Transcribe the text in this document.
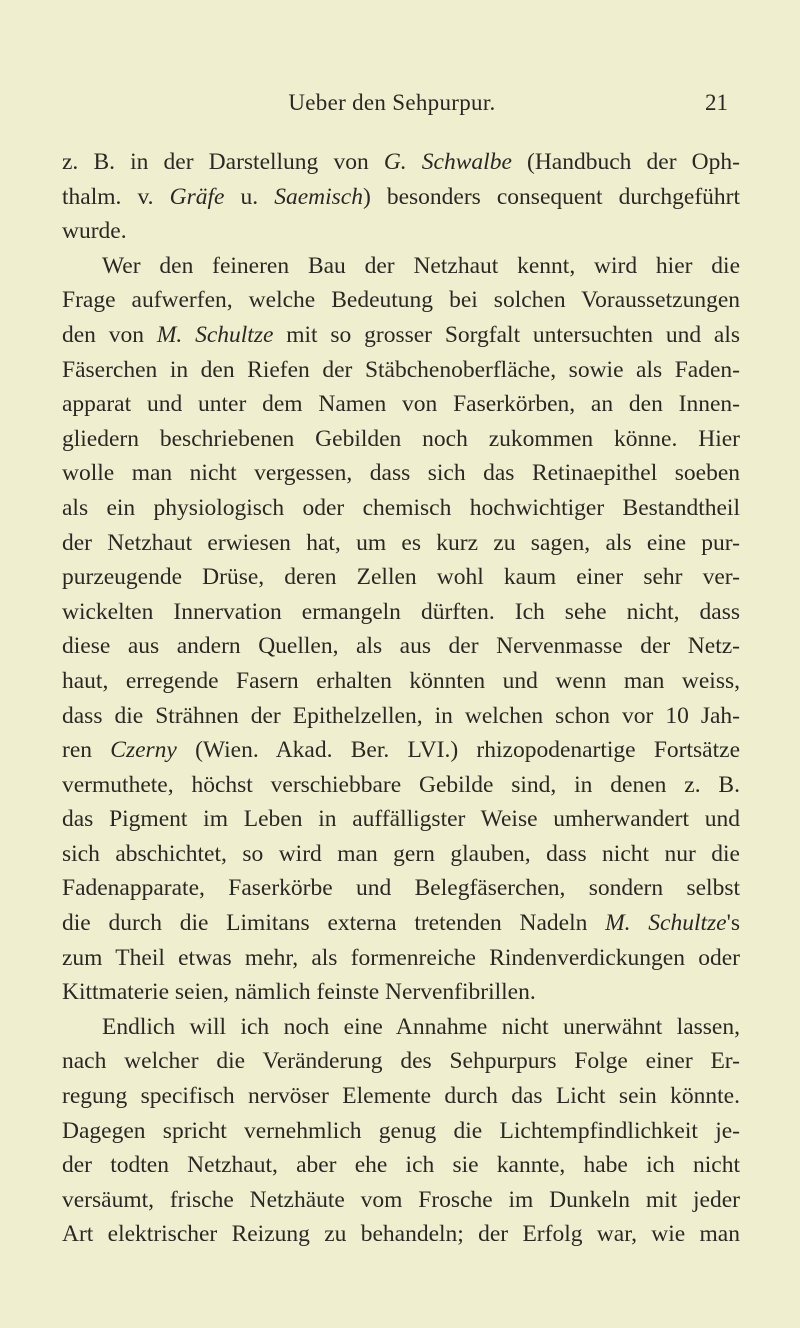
Ueber den Sehpurpur.	21
z. B. in der Darstellung von G. Schwalbe (Handbuch der Oph-
thalm. v. Gräfe u. Saemisch) besonders consequent durchgeführt
wurde.
Wer den feineren Bau der Netzhaut kennt, wird hier die
Frage aufwerfen, welche Bedeutung bei solchen Voraussetzungen
den von M. Schultze mit so grosser Sorgfalt untersuchten und als
Fäserchen in den Riefen der Stäbchenoberfläche, sowie als Faden-
apparat und unter dem Namen von Faserkörben, an den Innen-
gliedern beschriebenen Gebilden noch zukommen könne. Hier
wolle man nicht vergessen, dass sich das Retinaepithel soeben
als ein physiologisch oder chemisch hochwichtiger Bestandtheil
der Netzhaut erwiesen hat, um es kurz zu sagen, als eine pur-
purzeugende Drüse, deren Zellen wohl kaum einer sehr ver-
wickelten Innervation ermangeln dürften. Ich sehe nicht, dass
diese aus andern Quellen, als aus der Nervenmasse der Netz-
haut, erregende Fasern erhalten könnten und wenn man weiss,
dass die Strähnen der Epithelzellen, in welchen schon vor 10 Jah-
ren Czerny (Wien. Akad. Ber. LVI.) rhizopodenartige Fortsätze
vermuthete, höchst verschiebbare Gebilde sind, in denen z. B.
das Pigment im Leben in auffälligster Weise umherwandert und
sich abschichtet, so wird man gern glauben, dass nicht nur die
Fadenapparate, Faserkörbe und Belegfäserchen, sondern selbst
die durch die Limitans externa tretenden Nadeln M. Schultze's
zum Theil etwas mehr, als formenreiche Rindenverdickungen oder
Kittmaterie seien, nämlich feinste Nervenfibrillen.
Endlich will ich noch eine Annahme nicht unerwähnt lassen,
nach welcher die Veränderung des Sehpurpurs Folge einer Er-
regung specifisch nervöser Elemente durch das Licht sein könnte.
Dagegen spricht vernehmlich genug die Lichtempfindlichkeit je-
der todten Netzhaut, aber ehe ich sie kannte, habe ich nicht
versäumt, frische Netzhäute vom Frosche im Dunkeln mit jeder
Art elektrischer Reizung zu behandeln; der Erfolg war, wie man
